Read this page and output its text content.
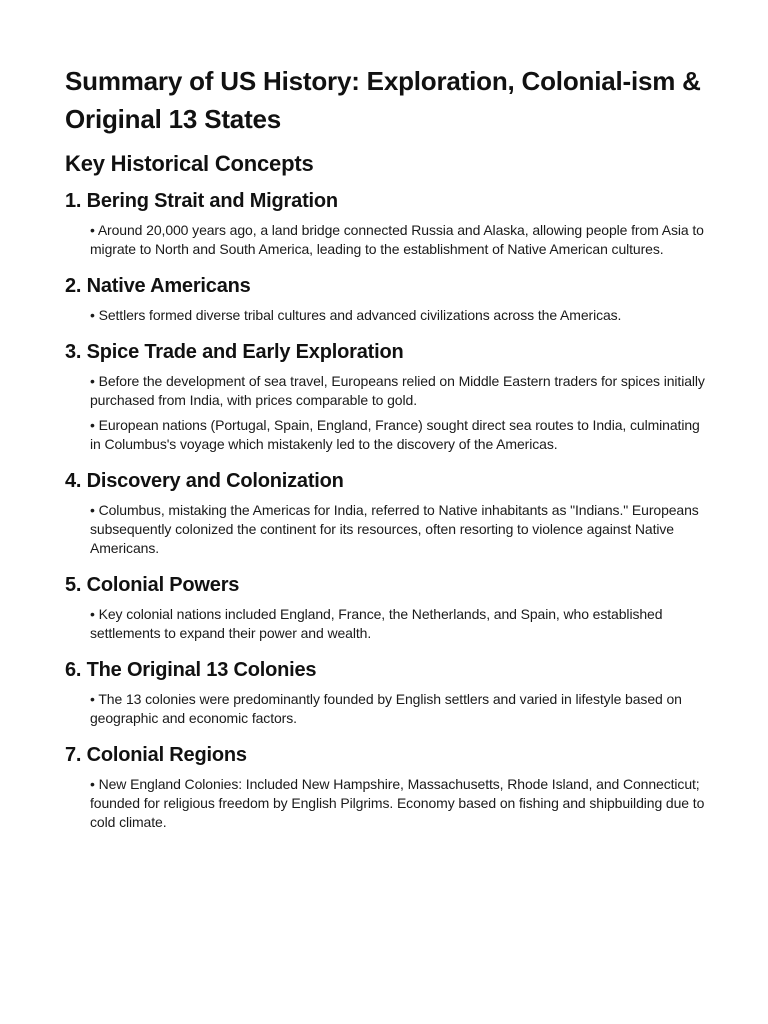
Summary of US History: Exploration, Colonial-ism & Original 13 States
Key Historical Concepts
1. Bering Strait and Migration

• Around 20,000 years ago, a land bridge connected Russia and Alaska, allowing people from Asia to migrate to North and South America, leading to the establishment of Native American cultures.

2. Native Americans

• Settlers formed diverse tribal cultures and advanced civilizations across the Americas.

3. Spice Trade and Early Exploration

• Before the development of sea travel, Europeans relied on Middle Eastern traders for spices initially purchased from India, with prices comparable to gold.

• European nations (Portugal, Spain, England, France) sought direct sea routes to India, culminating in Columbus's voyage which mistakenly led to the discovery of the Americas.

4. Discovery and Colonization

• Columbus, mistaking the Americas for India, referred to Native inhabitants as "Indians." Europeans subsequently colonized the continent for its resources, often resorting to violence against Native Americans.

5. Colonial Powers

• Key colonial nations included England, France, the Netherlands, and Spain, who established settlements to expand their power and wealth.

6. The Original 13 Colonies

• The 13 colonies were predominantly founded by English settlers and varied in lifestyle based on geographic and economic factors.

7. Colonial Regions

• New England Colonies: Included New Hampshire, Massachusetts, Rhode Island, and Connecticut; founded for religious freedom by English Pilgrims. Economy based on fishing and shipbuilding due to cold climate.
